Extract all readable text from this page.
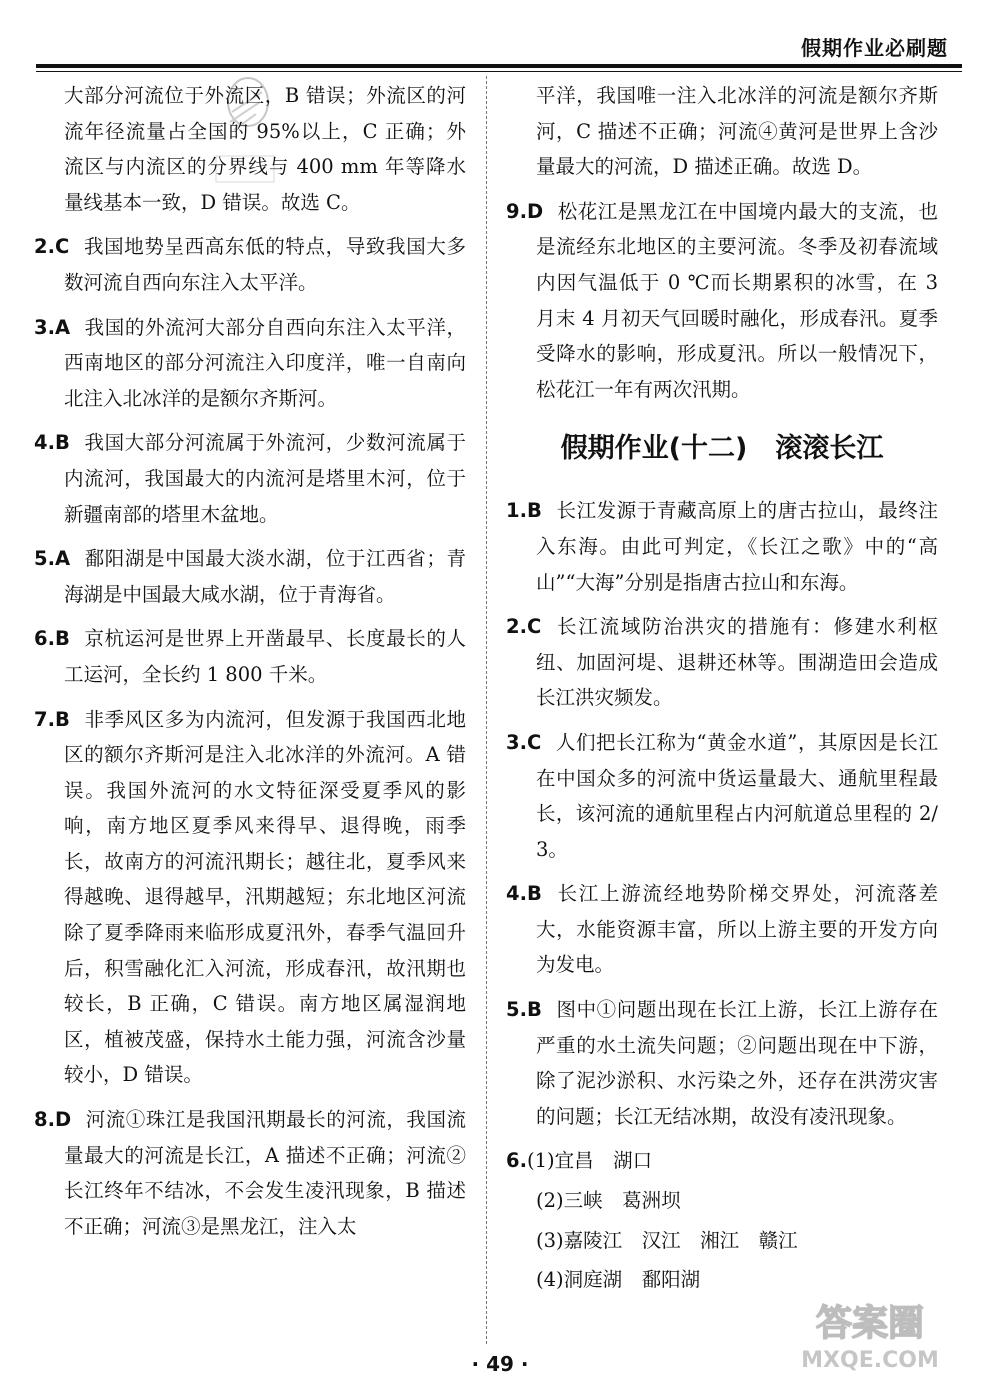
假期作业必刷题
大部分河流位于外流区，B 错误；外流区的河流年径流量占全国的 95%以上，C 正确；外流区与内流区的分界线与 400 mm 年等降水量线基本一致，D 错误。故选 C。
2.C 我国地势呈西高东低的特点，导致我国大多数河流自西向东注入太平洋。
3.A 我国的外流河大部分自西向东注入太平洋，西南地区的部分河流注入印度洋，唯一自南向北注入北冰洋的是额尔齐斯河。
4.B 我国大部分河流属于外流河，少数河流属于内流河，我国最大的内流河是塔里木河，位于新疆南部的塔里木盆地。
5.A 鄱阳湖是中国最大淡水湖，位于江西省；青海湖是中国最大咸水湖，位于青海省。
6.B 京杭运河是世界上开凿最早、长度最长的人工运河，全长约 1 800 千米。
7.B 非季风区多为内流河，但发源于我国西北地区的额尔齐斯河是注入北冰洋的外流河。A 错误。我国外流河的水文特征深受夏季风的影响，南方地区夏季风来得早、退得晚，雨季长，故南方的河流汛期长；越往北，夏季风来得越晚、退得越早，汛期越短；东北地区河流除了夏季降雨来临形成夏汛外，春季气温回升后，积雪融化汇入河流，形成春汛，故汛期也较长，B 正确，C 错误。南方地区属湿润地区，植被茂盛，保持水土能力强，河流含沙量较小，D 错误。
8.D 河流①珠江是我国汛期最长的河流，我国流量最大的河流是长江，A 描述不正确；河流②长江终年不结冰，不会发生凌汛现象，B 描述不正确；河流③是黑龙江，注入太
平洋，我国唯一注入北冰洋的河流是额尔齐斯河，C 描述不正确；河流④黄河是世界上含沙量最大的河流，D 描述正确。故选 D。
9.D 松花江是黑龙江在中国境内最大的支流，也是流经东北地区的主要河流。冬季及初春流域内因气温低于 0 ℃而长期累积的冰雪，在 3 月末 4 月初天气回暖时融化，形成春汛。夏季受降水的影响，形成夏汛。所以一般情况下，松花江一年有两次汛期。
假期作业(十二) 滚滚长江
1.B 长江发源于青藏高原上的唐古拉山，最终注入东海。由此可判定，《长江之歌》中的“高山”“大海”分别是指唐古拉山和东海。
2.C 长江流域防治洪灾的措施有：修建水利枢纽、加固河堤、退耕还林等。围湖造田会造成长江洪灾频发。
3.C 人们把长江称为“黄金水道”，其原因是长江在中国众多的河流中货运量最大、通航里程最长，该河流的通航里程占内河航道总里程的 2/3。
4.B 长江上游流经地势阶梯交界处，河流落差大，水能资源丰富，所以上游主要的开发方向为发电。
5.B 图中①问题出现在长江上游，长江上游存在严重的水土流失问题；②问题出现在中下游，除了泥沙淤积、水污染之外，还存在洪涝灾害的问题；长江无结冰期，故没有凌汛现象。
6.(1)宜昌　湖口
(2)三峡　葛洲坝
(3)嘉陵江　汉江　湘江　赣江
(4)洞庭湖　鄱阳湖
答案圈
MXQE.COM
· 49 ·
